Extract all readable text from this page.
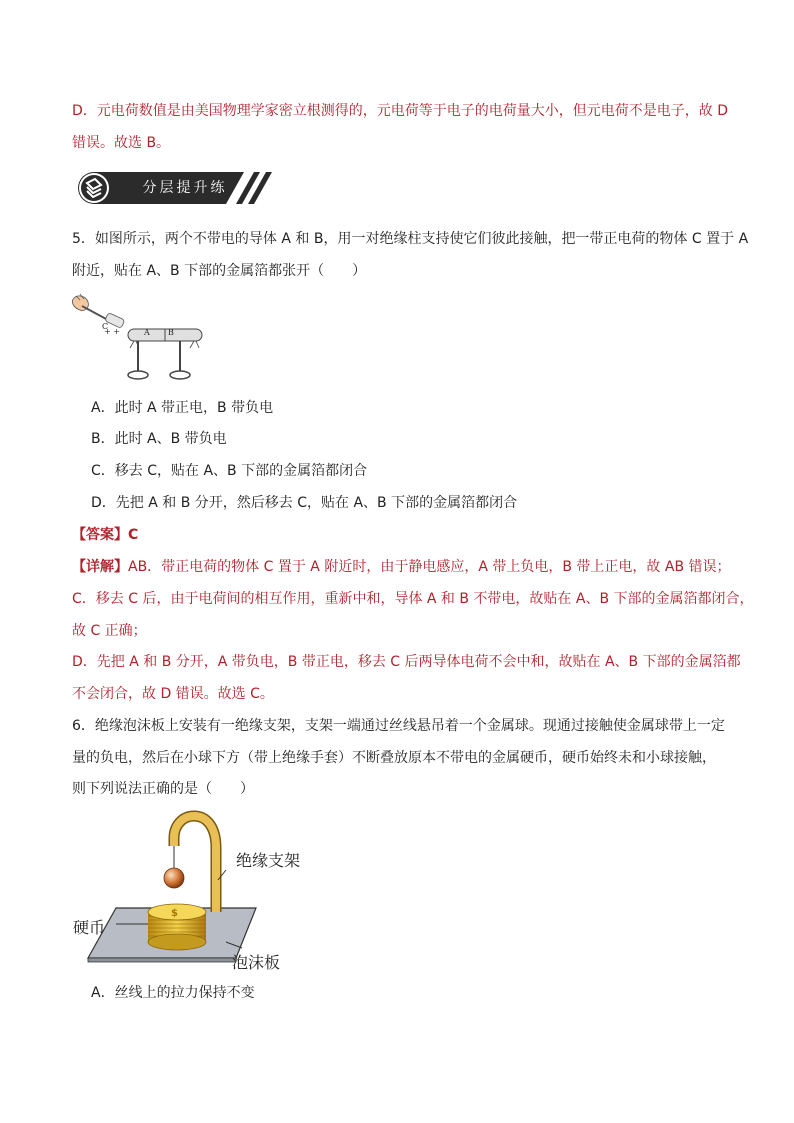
D．元电荷数值是由美国物理学家密立根测得的，元电荷等于电子的电荷量大小，但元电荷不是电子，故 D
错误。故选 B。
分层提升练
5．如图所示，两个不带电的导体 A 和 B，用一对绝缘柱支持使它们彼此接触，把一带正电荷的物体 C 置于 A
附近，贴在 A、B 下部的金属箔都张开（　　）
+ +	A B
C
A．此时 A 带正电，B 带负电
B．此时 A、B 带负电
C．移去 C，贴在 A、B 下部的金属箔都闭合
D．先把 A 和 B 分开，然后移去 C，贴在 A、B 下部的金属箔都闭合
【答案】C
【详解】AB．带正电荷的物体 C 置于 A 附近时，由于静电感应，A 带上负电，B 带上正电，故 AB 错误；
C．移去 C 后，由于电荷间的相互作用，重新中和，导体 A 和 B 不带电，故贴在 A、B 下部的金属箔都闭合，
故 C 正确；
D．先把 A 和 B 分开，A 带负电，B 带正电，移去 C 后两导体电荷不会中和，故贴在 A、B 下部的金属箔都
不会闭合，故 D 错误。故选 C。
6．绝缘泡沫板上安装有一绝缘支架，支架一端通过丝线悬吊着一个金属球。现通过接触使金属球带上一定
量的负电，然后在小球下方（带上绝缘手套）不断叠放原本不带电的金属硬币，硬币始终未和小球接触，
则下列说法正确的是（　　）
$
绝缘支架
硬币
泡沫板
A．丝线上的拉力保持不变
